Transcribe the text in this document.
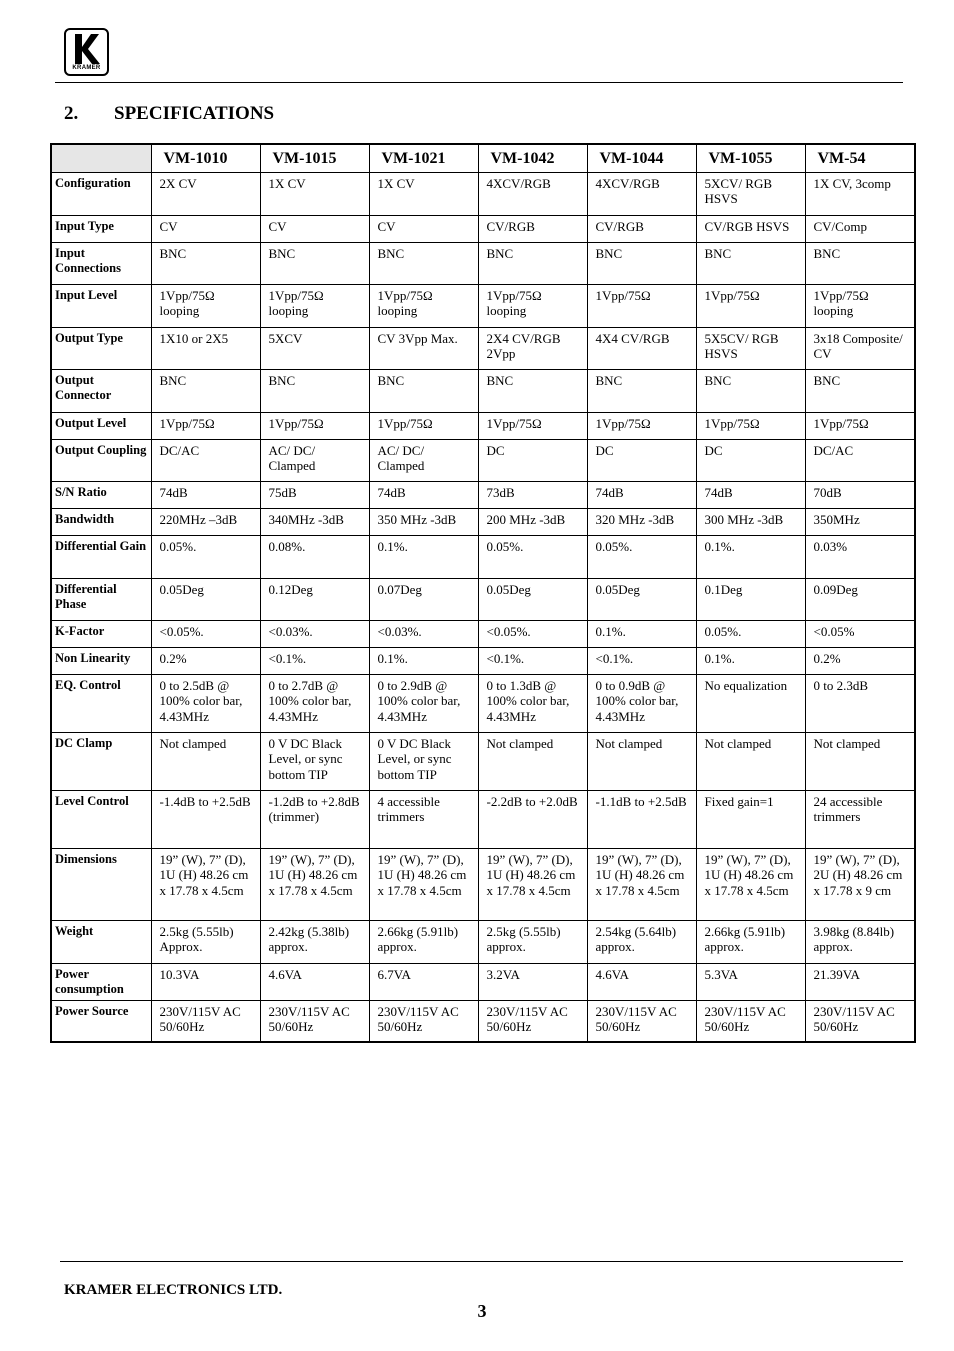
KRAMER
2. SPECIFICATIONS
	VM-1010	VM-1015	VM-1021	VM-1042	VM-1044	VM-1055	VM-54
Configuration	2X CV	1X CV	1X CV	4XCV/RGB	4XCV/RGB	5XCV/ RGB HSVS	1X CV, 3comp
Input Type	CV	CV	CV	CV/RGB	CV/RGB	CV/RGB HSVS	CV/Comp
Input Connections	BNC	BNC	BNC	BNC	BNC	BNC	BNC
Input Level	1Vpp/75Ω looping	1Vpp/75Ω looping	1Vpp/75Ω looping	1Vpp/75Ω looping	1Vpp/75Ω	1Vpp/75Ω	1Vpp/75Ω looping
Output Type	1X10 or 2X5	5XCV	CV 3Vpp Max.	2X4 CV/RGB 2Vpp	4X4 CV/RGB	5X5CV/ RGB HSVS	3x18 Composite/ CV
Output Connector	BNC	BNC	BNC	BNC	BNC	BNC	BNC
Output Level	1Vpp/75Ω	1Vpp/75Ω	1Vpp/75Ω	1Vpp/75Ω	1Vpp/75Ω	1Vpp/75Ω	1Vpp/75Ω
Output Coupling	DC/AC	AC/ DC/ Clamped	AC/ DC/ Clamped	DC	DC	DC	DC/AC
S/N Ratio	74dB	75dB	74dB	73dB	74dB	74dB	70dB
Bandwidth	220MHz –3dB	340MHz -3dB	350 MHz -3dB	200 MHz -3dB	320 MHz -3dB	300 MHz -3dB	350MHz
Differential Gain	0.05%.	0.08%.	0.1%.	0.05%.	0.05%.	0.1%.	0.03%
Differential Phase	0.05Deg	0.12Deg	0.07Deg	0.05Deg	0.05Deg	0.1Deg	0.09Deg
K-Factor	<0.05%.	<0.03%.	<0.03%.	<0.05%.	0.1%.	0.05%.	<0.05%
Non Linearity	0.2%	<0.1%.	0.1%.	<0.1%.	<0.1%.	0.1%.	0.2%
EQ. Control	0 to 2.5dB @ 100% color bar, 4.43MHz	0 to 2.7dB @ 100% color bar, 4.43MHz	0 to 2.9dB @ 100% color bar, 4.43MHz	0 to 1.3dB @ 100% color bar, 4.43MHz	0 to 0.9dB @ 100% color bar, 4.43MHz	No equalization	0 to 2.3dB
DC Clamp	Not clamped	0 V DC Black Level, or sync bottom TIP	0 V DC Black Level, or sync bottom TIP	Not clamped	Not clamped	Not clamped	Not clamped
Level Control	-1.4dB to +2.5dB	-1.2dB to +2.8dB (trimmer)	4 accessible trimmers	-2.2dB to +2.0dB	-1.1dB to +2.5dB	Fixed gain=1	24 accessible trimmers
Dimensions	19” (W), 7” (D), 1U (H) 48.26 cm x 17.78 x 4.5cm	19” (W), 7” (D), 1U (H) 48.26 cm x 17.78 x 4.5cm	19” (W), 7” (D), 1U (H) 48.26 cm x 17.78 x 4.5cm	19” (W), 7” (D), 1U (H) 48.26 cm x 17.78 x 4.5cm	19” (W), 7” (D), 1U (H) 48.26 cm x 17.78 x 4.5cm	19” (W), 7” (D), 1U (H) 48.26 cm x 17.78 x 4.5cm	19” (W), 7” (D), 2U (H) 48.26 cm x 17.78 x 9 cm
Weight	2.5kg (5.55lb) Approx.	2.42kg (5.38lb) approx.	2.66kg (5.91lb) approx.	2.5kg (5.55lb) approx.	2.54kg (5.64lb) approx.	2.66kg (5.91lb) approx.	3.98kg (8.84lb) approx.
Power consumption	10.3VA	4.6VA	6.7VA	3.2VA	4.6VA	5.3VA	21.39VA
Power Source	230V/115V AC 50/60Hz	230V/115V AC 50/60Hz	230V/115V AC 50/60Hz	230V/115V AC 50/60Hz	230V/115V AC 50/60Hz	230V/115V AC 50/60Hz	230V/115V AC 50/60Hz
KRAMER ELECTRONICS LTD.
3
